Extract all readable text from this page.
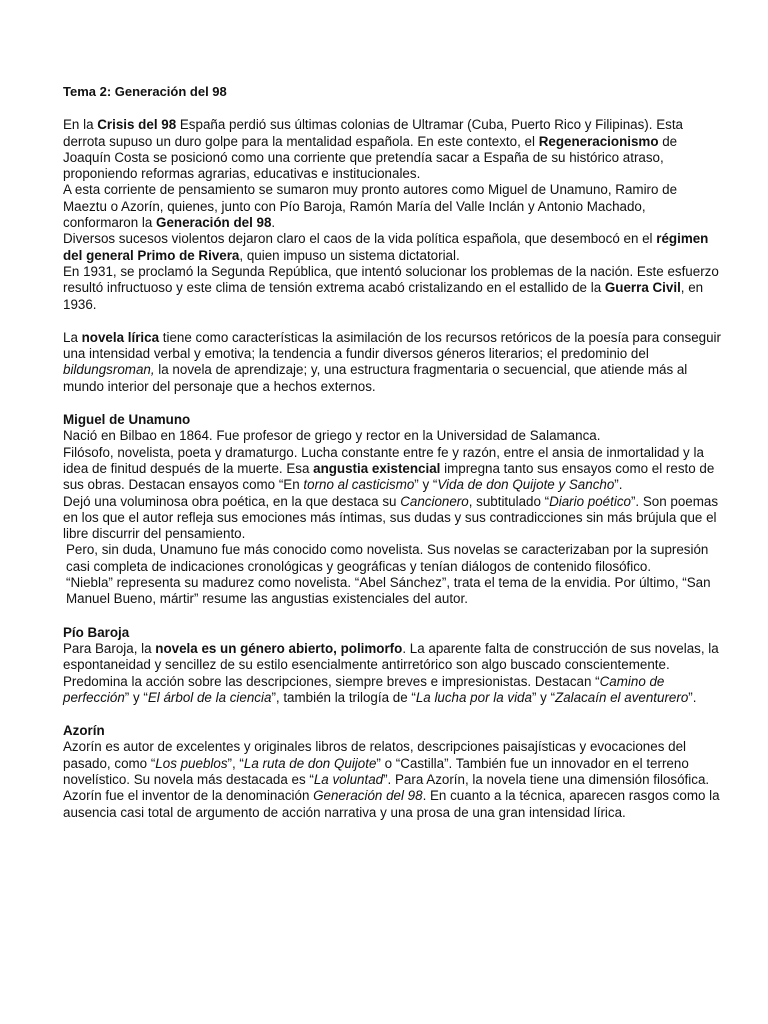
Tema 2: Generación del 98

En la Crisis del 98 España perdió sus últimas colonias de Ultramar (Cuba, Puerto Rico y Filipinas). Esta derrota supuso un duro golpe para la mentalidad española. En este contexto, el Regeneracionismo de Joaquín Costa se posicionó como una corriente que pretendía sacar a España de su histórico atraso, proponiendo reformas agrarias, educativas e institucionales.

A esta corriente de pensamiento se sumaron muy pronto autores como Miguel de Unamuno, Ramiro de Maeztu o Azorín, quienes, junto con Pío Baroja, Ramón María del Valle Inclán y Antonio Machado, conformaron la Generación del 98.

Diversos sucesos violentos dejaron claro el caos de la vida política española, que desembocó en el régimen del general Primo de Rivera, quien impuso un sistema dictatorial.

En 1931, se proclamó la Segunda República, que intentó solucionar los problemas de la nación. Este esfuerzo resultó infructuoso y este clima de tensión extrema acabó cristalizando en el estallido de la Guerra Civil, en 1936.

La novela lírica tiene como características la asimilación de los recursos retóricos de la poesía para conseguir una intensidad verbal y emotiva; la tendencia a fundir diversos géneros literarios; el predominio del bildungsroman, la novela de aprendizaje; y, una estructura fragmentaria o secuencial, que atiende más al mundo interior del personaje que a hechos externos.

Miguel de Unamuno

Nació en Bilbao en 1864. Fue profesor de griego y rector en la Universidad de Salamanca.

Filósofo, novelista, poeta y dramaturgo. Lucha constante entre fe y razón, entre el ansia de inmortalidad y la idea de finitud después de la muerte. Esa angustia existencial impregna tanto sus ensayos como el resto de sus obras. Destacan ensayos como “En torno al casticismo” y “Vida de don Quijote y Sancho”.

Dejó una voluminosa obra poética, en la que destaca su Cancionero, subtitulado “Diario poético”. Son poemas en los que el autor refleja sus emociones más íntimas, sus dudas y sus contradicciones sin más brújula que el libre discurrir del pensamiento.

Pero, sin duda, Unamuno fue más conocido como novelista. Sus novelas se caracterizaban por la supresión casi completa de indicaciones cronológicas y geográficas y tenían diálogos de contenido filosófico.

“Niebla” representa su madurez como novelista. “Abel Sánchez”, trata el tema de la envidia. Por último, “San Manuel Bueno, mártir” resume las angustias existenciales del autor.

Pío Baroja

Para Baroja, la novela es un género abierto, polimorfo. La aparente falta de construcción de sus novelas, la espontaneidad y sencillez de su estilo esencialmente antirretórico son algo buscado conscientemente. Predomina la acción sobre las descripciones, siempre breves e impresionistas. Destacan “Camino de perfección” y “El árbol de la ciencia”, también la trilogía de “La lucha por la vida” y “Zalacaín el aventurero”.

Azorín

Azorín es autor de excelentes y originales libros de relatos, descripciones paisajísticas y evocaciones del pasado, como “Los pueblos”, “La ruta de don Quijote” o “Castilla”. También fue un innovador en el terreno novelístico. Su novela más destacada es “La voluntad”. Para Azorín, la novela tiene una dimensión filosófica. Azorín fue el inventor de la denominación Generación del 98. En cuanto a la técnica, aparecen rasgos como la ausencia casi total de argumento de acción narrativa y una prosa de una gran intensidad lírica.
